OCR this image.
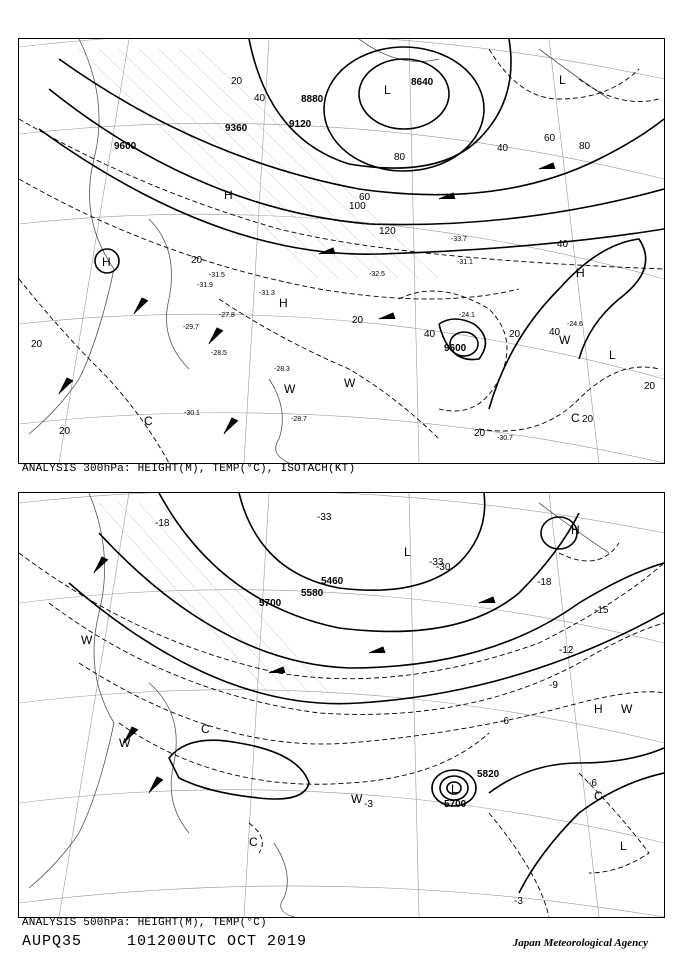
8640
8880
9120
9360
9600
9600
20
40
60
80
100
120
40
60
80
40
20
20
40	20	40
20
20
20
20
20
-31.9
-29.7
-31.5
-31.3
-28.5
-32.5
-31.1
-24.1
-30.1
-30.7
-28.3
-27.8
-28.7
-33.7
-24.6
L
L
H
H
H
L
H
C	C
W
W
W
ANALYSIS 300hPa: HEIGHT(M), TEMP(°C), ISOTACH(KT)
5700
5580
5460
5700
5820
-33
-30
-18
-15
-12
-9
-6
-3
-18
-6
-3
-33
L
H W
C
L
W
W
W
C
C
L
H
ANALYSIS 500hPa: HEIGHT(M), TEMP(°C)
AUPQ35	101200UTC OCT 2019	Japan Meteorological Agency
